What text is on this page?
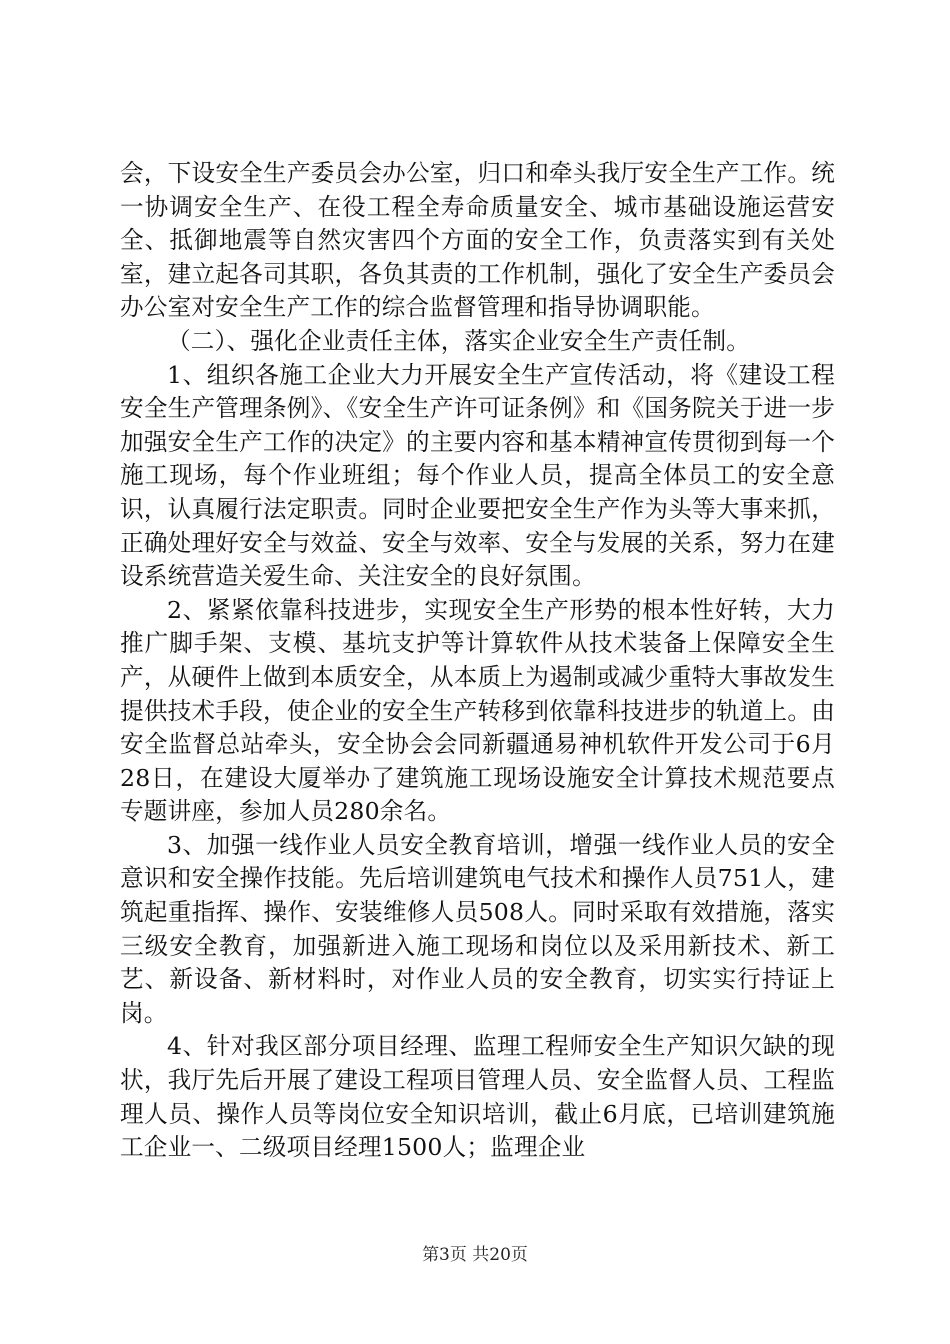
会，下设安全生产委员会办公室，归口和牵头我厅安全生产工作。统一协调安全生产、在役工程全寿命质量安全、城市基础设施运营安全、抵御地震等自然灾害四个方面的安全工作，负责落实到有关处室，建立起各司其职，各负其责的工作机制，强化了安全生产委员会办公室对安全生产工作的综合监督管理和指导协调职能。

（二）、强化企业责任主体，落实企业安全生产责任制。

1、组织各施工企业大力开展安全生产宣传活动，将《建设工程安全生产管理条例》、《安全生产许可证条例》和《国务院关于进一步加强安全生产工作的决定》的主要内容和基本精神宣传贯彻到每一个施工现场，每个作业班组；每个作业人员，提高全体员工的安全意识，认真履行法定职责。同时企业要把安全生产作为头等大事来抓，正确处理好安全与效益、安全与效率、安全与发展的关系，努力在建设系统营造关爱生命、关注安全的良好氛围。

2、紧紧依靠科技进步，实现安全生产形势的根本性好转，大力推广脚手架、支模、基坑支护等计算软件从技术装备上保障安全生产，从硬件上做到本质安全，从本质上为遏制或减少重特大事故发生提供技术手段，使企业的安全生产转移到依靠科技进步的轨道上。由安全监督总站牵头，安全协会会同新疆通易神机软件开发公司于6月28日，在建设大厦举办了建筑施工现场设施安全计算技术规范要点专题讲座，参加人员280余名。

3、加强一线作业人员安全教育培训，增强一线作业人员的安全意识和安全操作技能。先后培训建筑电气技术和操作人员751人，建筑起重指挥、操作、安装维修人员508人。同时采取有效措施，落实三级安全教育，加强新进入施工现场和岗位以及采用新技术、新工艺、新设备、新材料时，对作业人员的安全教育，切实实行持证上岗。

4、针对我区部分项目经理、监理工程师安全生产知识欠缺的现状，我厅先后开展了建设工程项目管理人员、安全监督人员、工程监理人员、操作人员等岗位安全知识培训，截止6月底，已培训建筑施工企业一、二级项目经理1500人；监理企业

第3页 共20页
